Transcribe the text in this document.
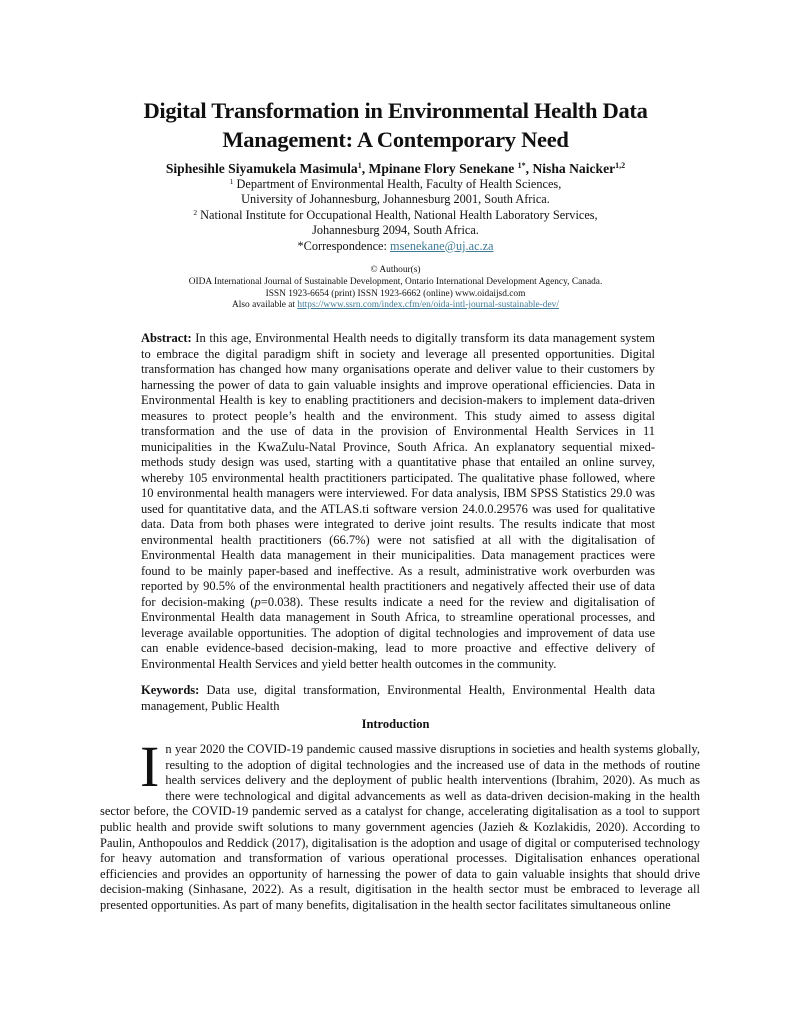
Digital Transformation in Environmental Health Data
Management: A Contemporary Need
Siphesihle Siyamukela Masimula$^1$, Mpinane Flory Senekane $^{1*}$, Nisha Naicker$^{1,2}$
$^1$ Department of Environmental Health, Faculty of Health Sciences,
University of Johannesburg, Johannesburg 2001, South Africa.
$^2$ National Institute for Occupational Health, National Health Laboratory Services,
Johannesburg 2094, South Africa.
*Correspondence: msenekane@uj.ac.za
© Authour(s)
OIDA International Journal of Sustainable Development, Ontario International Development Agency, Canada.
ISSN 1923-6654 (print) ISSN 1923-6662 (online) www.oidaijsd.com
Also available at https://www.ssrn.com/index.cfm/en/oida-intl-journal-sustainable-dev/
Abstract: In this age, Environmental Health needs to digitally transform its data management system to embrace the digital paradigm shift in society and leverage all presented opportunities. Digital transformation has changed how many organisations operate and deliver value to their customers by harnessing the power of data to gain valuable insights and improve operational efficiencies. Data in Environmental Health is key to enabling practitioners and decision-makers to implement data-driven measures to protect people’s health and the environment. This study aimed to assess digital transformation and the use of data in the provision of Environmental Health Services in 11 municipalities in the KwaZulu-Natal Province, South Africa. An explanatory sequential mixed-methods study design was used, starting with a quantitative phase that entailed an online survey, whereby 105 environmental health practitioners participated. The qualitative phase followed, where 10 environmental health managers were interviewed. For data analysis, IBM SPSS Statistics 29.0 was used for quantitative data, and the ATLAS.ti software version 24.0.0.29576 was used for qualitative data. Data from both phases were integrated to derive joint results. The results indicate that most environmental health practitioners (66.7%) were not satisfied at all with the digitalisation of Environmental Health data management in their municipalities. Data management practices were found to be mainly paper-based and ineffective. As a result, administrative work overburden was reported by 90.5% of the environmental health practitioners and negatively affected their use of data for decision-making (p=0.038). These results indicate a need for the review and digitalisation of Environmental Health data management in South Africa, to streamline operational processes, and leverage available opportunities. The adoption of digital technologies and improvement of data use can enable evidence-based decision-making, lead to more proactive and effective delivery of Environmental Health Services and yield better health outcomes in the community.
Keywords: Data use, digital transformation, Environmental Health, Environmental Health data management, Public Health
Introduction

In year 2020 the COVID-19 pandemic caused massive disruptions in societies and health systems globally, resulting to the adoption of digital technologies and the increased use of data in the methods of routine health services delivery and the deployment of public health interventions (Ibrahim, 2020). As much as there were technological and digital advancements as well as data-driven decision-making in the health sector before, the COVID-19 pandemic served as a catalyst for change, accelerating digitalisation as a tool to support public health and provide swift solutions to many government agencies (Jazieh & Kozlakidis, 2020). According to Paulin, Anthopoulos and Reddick (2017), digitalisation is the adoption and usage of digital or computerised technology for heavy automation and transformation of various operational processes. Digitalisation enhances operational efficiencies and provides an opportunity of harnessing the power of data to gain valuable insights that should drive decision-making (Sinhasane, 2022). As a result, digitisation in the health sector must be embraced to leverage all presented opportunities. As part of many benefits, digitalisation in the health sector facilitates simultaneous online
